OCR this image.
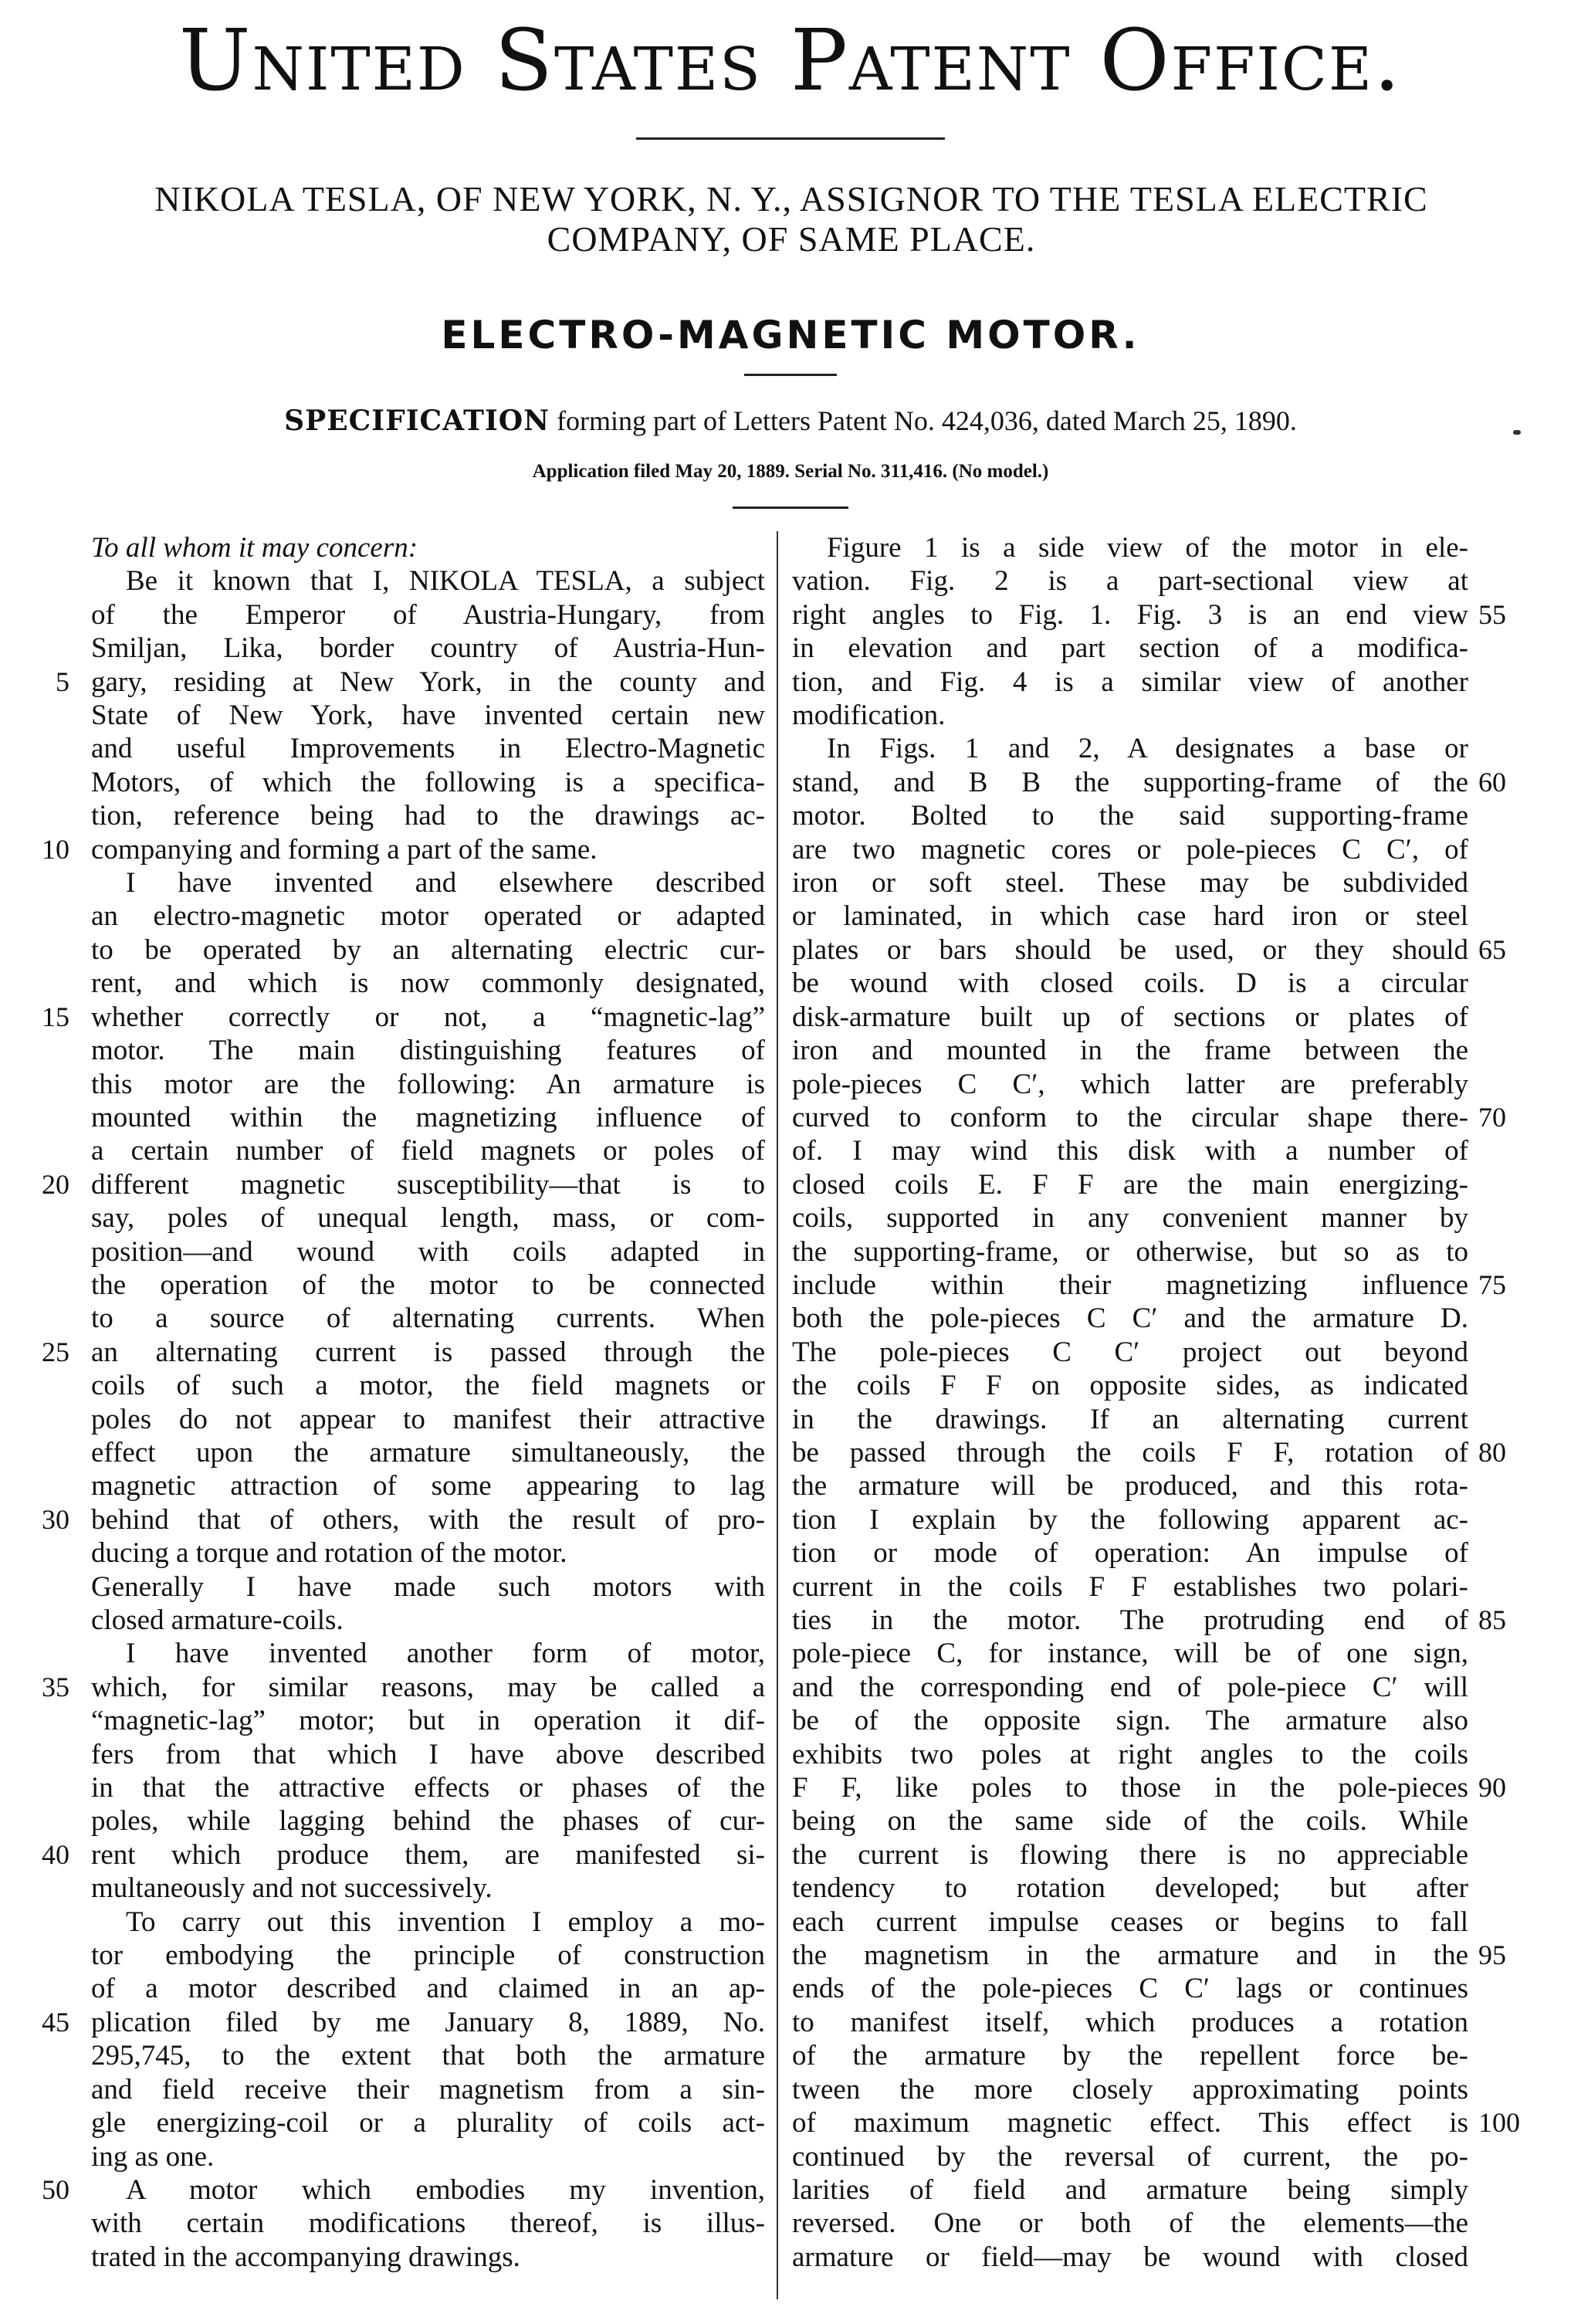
United States Patent Office.
NIKOLA TESLA, OF NEW YORK, N. Y., ASSIGNOR TO THE TESLA ELECTRIC COMPANY, OF SAME PLACE.
ELECTRO-MAGNETIC MOTOR.
SPECIFICATION forming part of Letters Patent No. 424,036, dated March 25, 1890.
Application filed May 20, 1889. Serial No. 311,416. (No model.)
To all whom it may concern:
Be it known that I, NIKOLA TESLA, a subject
of the Emperor of Austria-Hungary, from
Smiljan, Lika, border country of Austria-Hun-
gary, residing at New York, in the county and
State of New York, have invented certain new
and useful Improvements in Electro-Magnetic
Motors, of which the following is a specifica-
tion, reference being had to the drawings ac-
companying and forming a part of the same.
I have invented and elsewhere described
an electro-magnetic motor operated or adapted
to be operated by an alternating electric cur-
rent, and which is now commonly designated,
whether correctly or not, a “magnetic-lag”
motor. The main distinguishing features of
this motor are the following: An armature is
mounted within the magnetizing influence of
a certain number of field magnets or poles of
different magnetic susceptibility—that is to
say, poles of unequal length, mass, or com-
position—and wound with coils adapted in
the operation of the motor to be connected
to a source of alternating currents. When
an alternating current is passed through the
coils of such a motor, the field magnets or
poles do not appear to manifest their attractive
effect upon the armature simultaneously, the
magnetic attraction of some appearing to lag
behind that of others, with the result of pro-
ducing a torque and rotation of the motor.
Generally I have made such motors with
closed armature-coils.
I have invented another form of motor,
which, for similar reasons, may be called a
“magnetic-lag” motor; but in operation it dif-
fers from that which I have above described
in that the attractive effects or phases of the
poles, while lagging behind the phases of cur-
rent which produce them, are manifested si-
multaneously and not successively.
To carry out this invention I employ a mo-
tor embodying the principle of construction
of a motor described and claimed in an ap-
plication filed by me January 8, 1889, No.
295,745, to the extent that both the armature
and field receive their magnetism from a sin-
gle energizing-coil or a plurality of coils act-
ing as one.
A motor which embodies my invention,
with certain modifications thereof, is illus-
trated in the accompanying drawings.
Figure 1 is a side view of the motor in ele-
vation. Fig. 2 is a part-sectional view at
right angles to Fig. 1. Fig. 3 is an end view
in elevation and part section of a modifica-
tion, and Fig. 4 is a similar view of another
modification.
In Figs. 1 and 2, A designates a base or
stand, and B B the supporting-frame of the
motor. Bolted to the said supporting-frame
are two magnetic cores or pole-pieces C C′, of
iron or soft steel. These may be subdivided
or laminated, in which case hard iron or steel
plates or bars should be used, or they should
be wound with closed coils. D is a circular
disk-armature built up of sections or plates of
iron and mounted in the frame between the
pole-pieces C C′, which latter are preferably
curved to conform to the circular shape there-
of. I may wind this disk with a number of
closed coils E. F F are the main energizing-
coils, supported in any convenient manner by
the supporting-frame, or otherwise, but so as to
include within their magnetizing influence
both the pole-pieces C C′ and the armature D.
The pole-pieces C C′ project out beyond
the coils F F on opposite sides, as indicated
in the drawings. If an alternating current
be passed through the coils F F, rotation of
the armature will be produced, and this rota-
tion I explain by the following apparent ac-
tion or mode of operation: An impulse of
current in the coils F F establishes two polari-
ties in the motor. The protruding end of
pole-piece C, for instance, will be of one sign,
and the corresponding end of pole-piece C′ will
be of the opposite sign. The armature also
exhibits two poles at right angles to the coils
F F, like poles to those in the pole-pieces
being on the same side of the coils. While
the current is flowing there is no appreciable
tendency to rotation developed; but after
each current impulse ceases or begins to fall
the magnetism in the armature and in the
ends of the pole-pieces C C′ lags or continues
to manifest itself, which produces a rotation
of the armature by the repellent force be-
tween the more closely approximating points
of maximum magnetic effect. This effect is
continued by the reversal of current, the po-
larities of field and armature being simply
reversed. One or both of the elements—the
armature or field—may be wound with closed
5
10
15
20
25
30
35
40
45
50
55
60
65
70
75
80
85
90
95
100
